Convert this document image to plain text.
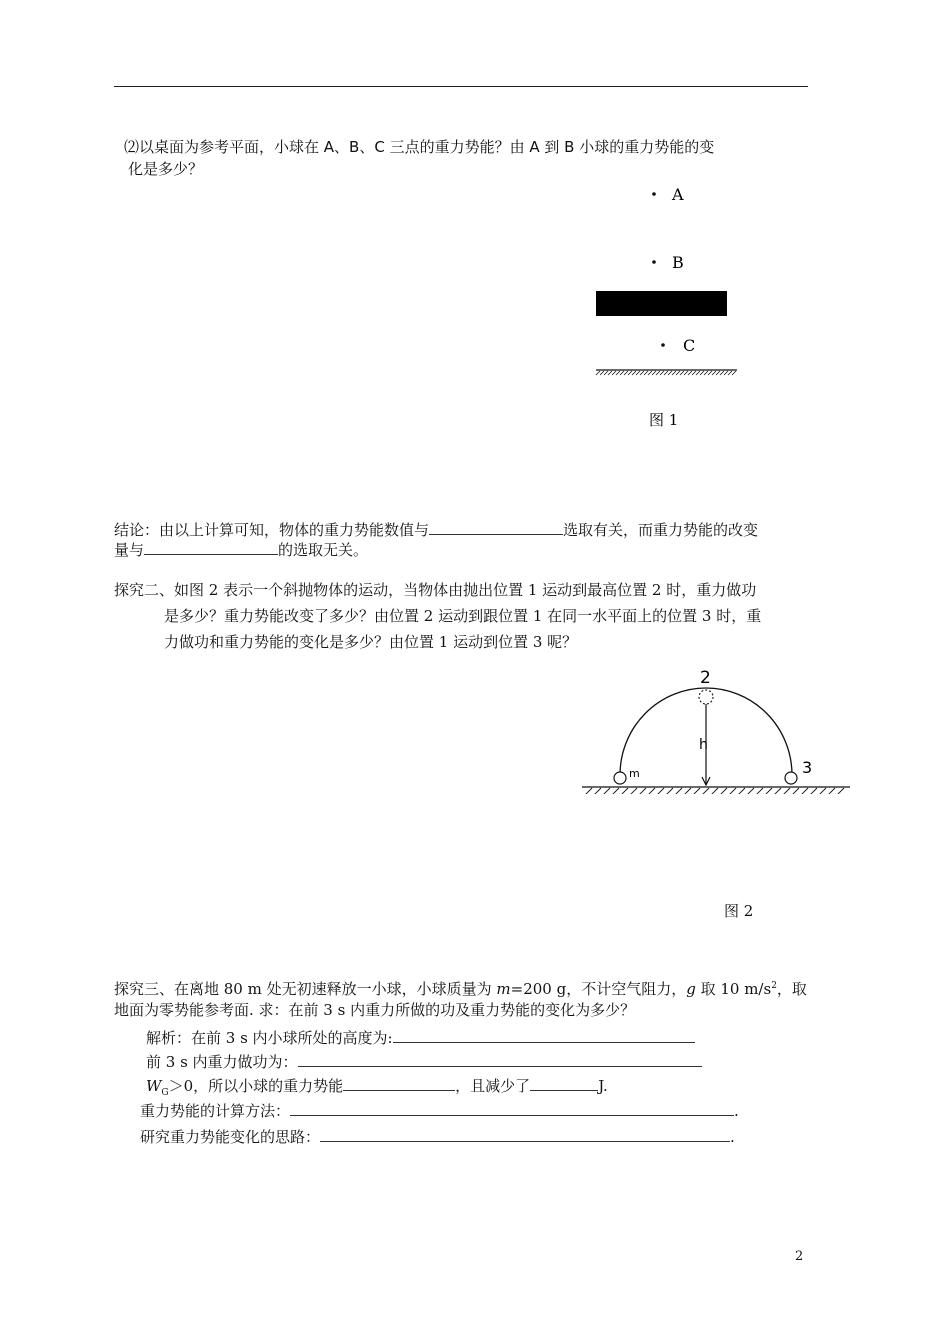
⑵以桌面为参考平面，小球在 A、B、C 三点的重力势能？由 A 到 B 小球的重力势能的变
化是多少？
A
B
C
图 1
结论：由以上计算可知，物体的重力势能数值与	选取有关，而重力势能的改变
量与	的选取无关。
探究二、如图 2 表示一个斜抛物体的运动，当物体由抛出位置 1 运动到最高位置 2 时，重力做功
是多少？重力势能改变了多少？由位置 2 运动到跟位置 1 在同一水平面上的位置 3 时，重
力做功和重力势能的变化是多少？由位置 1 运动到位置 3 呢？
2
3
m
h
图 2
探究三、在离地 80 m 处无初速释放一小球，小球质量为 m=200 g，不计空气阻力，g 取 10 $m/s^2$，取
地面为零势能参考面. 求：在前 3 s 内重力所做的功及重力势能的变化为多少？
解析：在前 3 s 内小球所处的高度为:
前 3 s 内重力做功为：
$W_G>0$，所以小球的重力势能	，且减少了	J.
重力势能的计算方法：	.
研究重力势能变化的思路：	.
2
